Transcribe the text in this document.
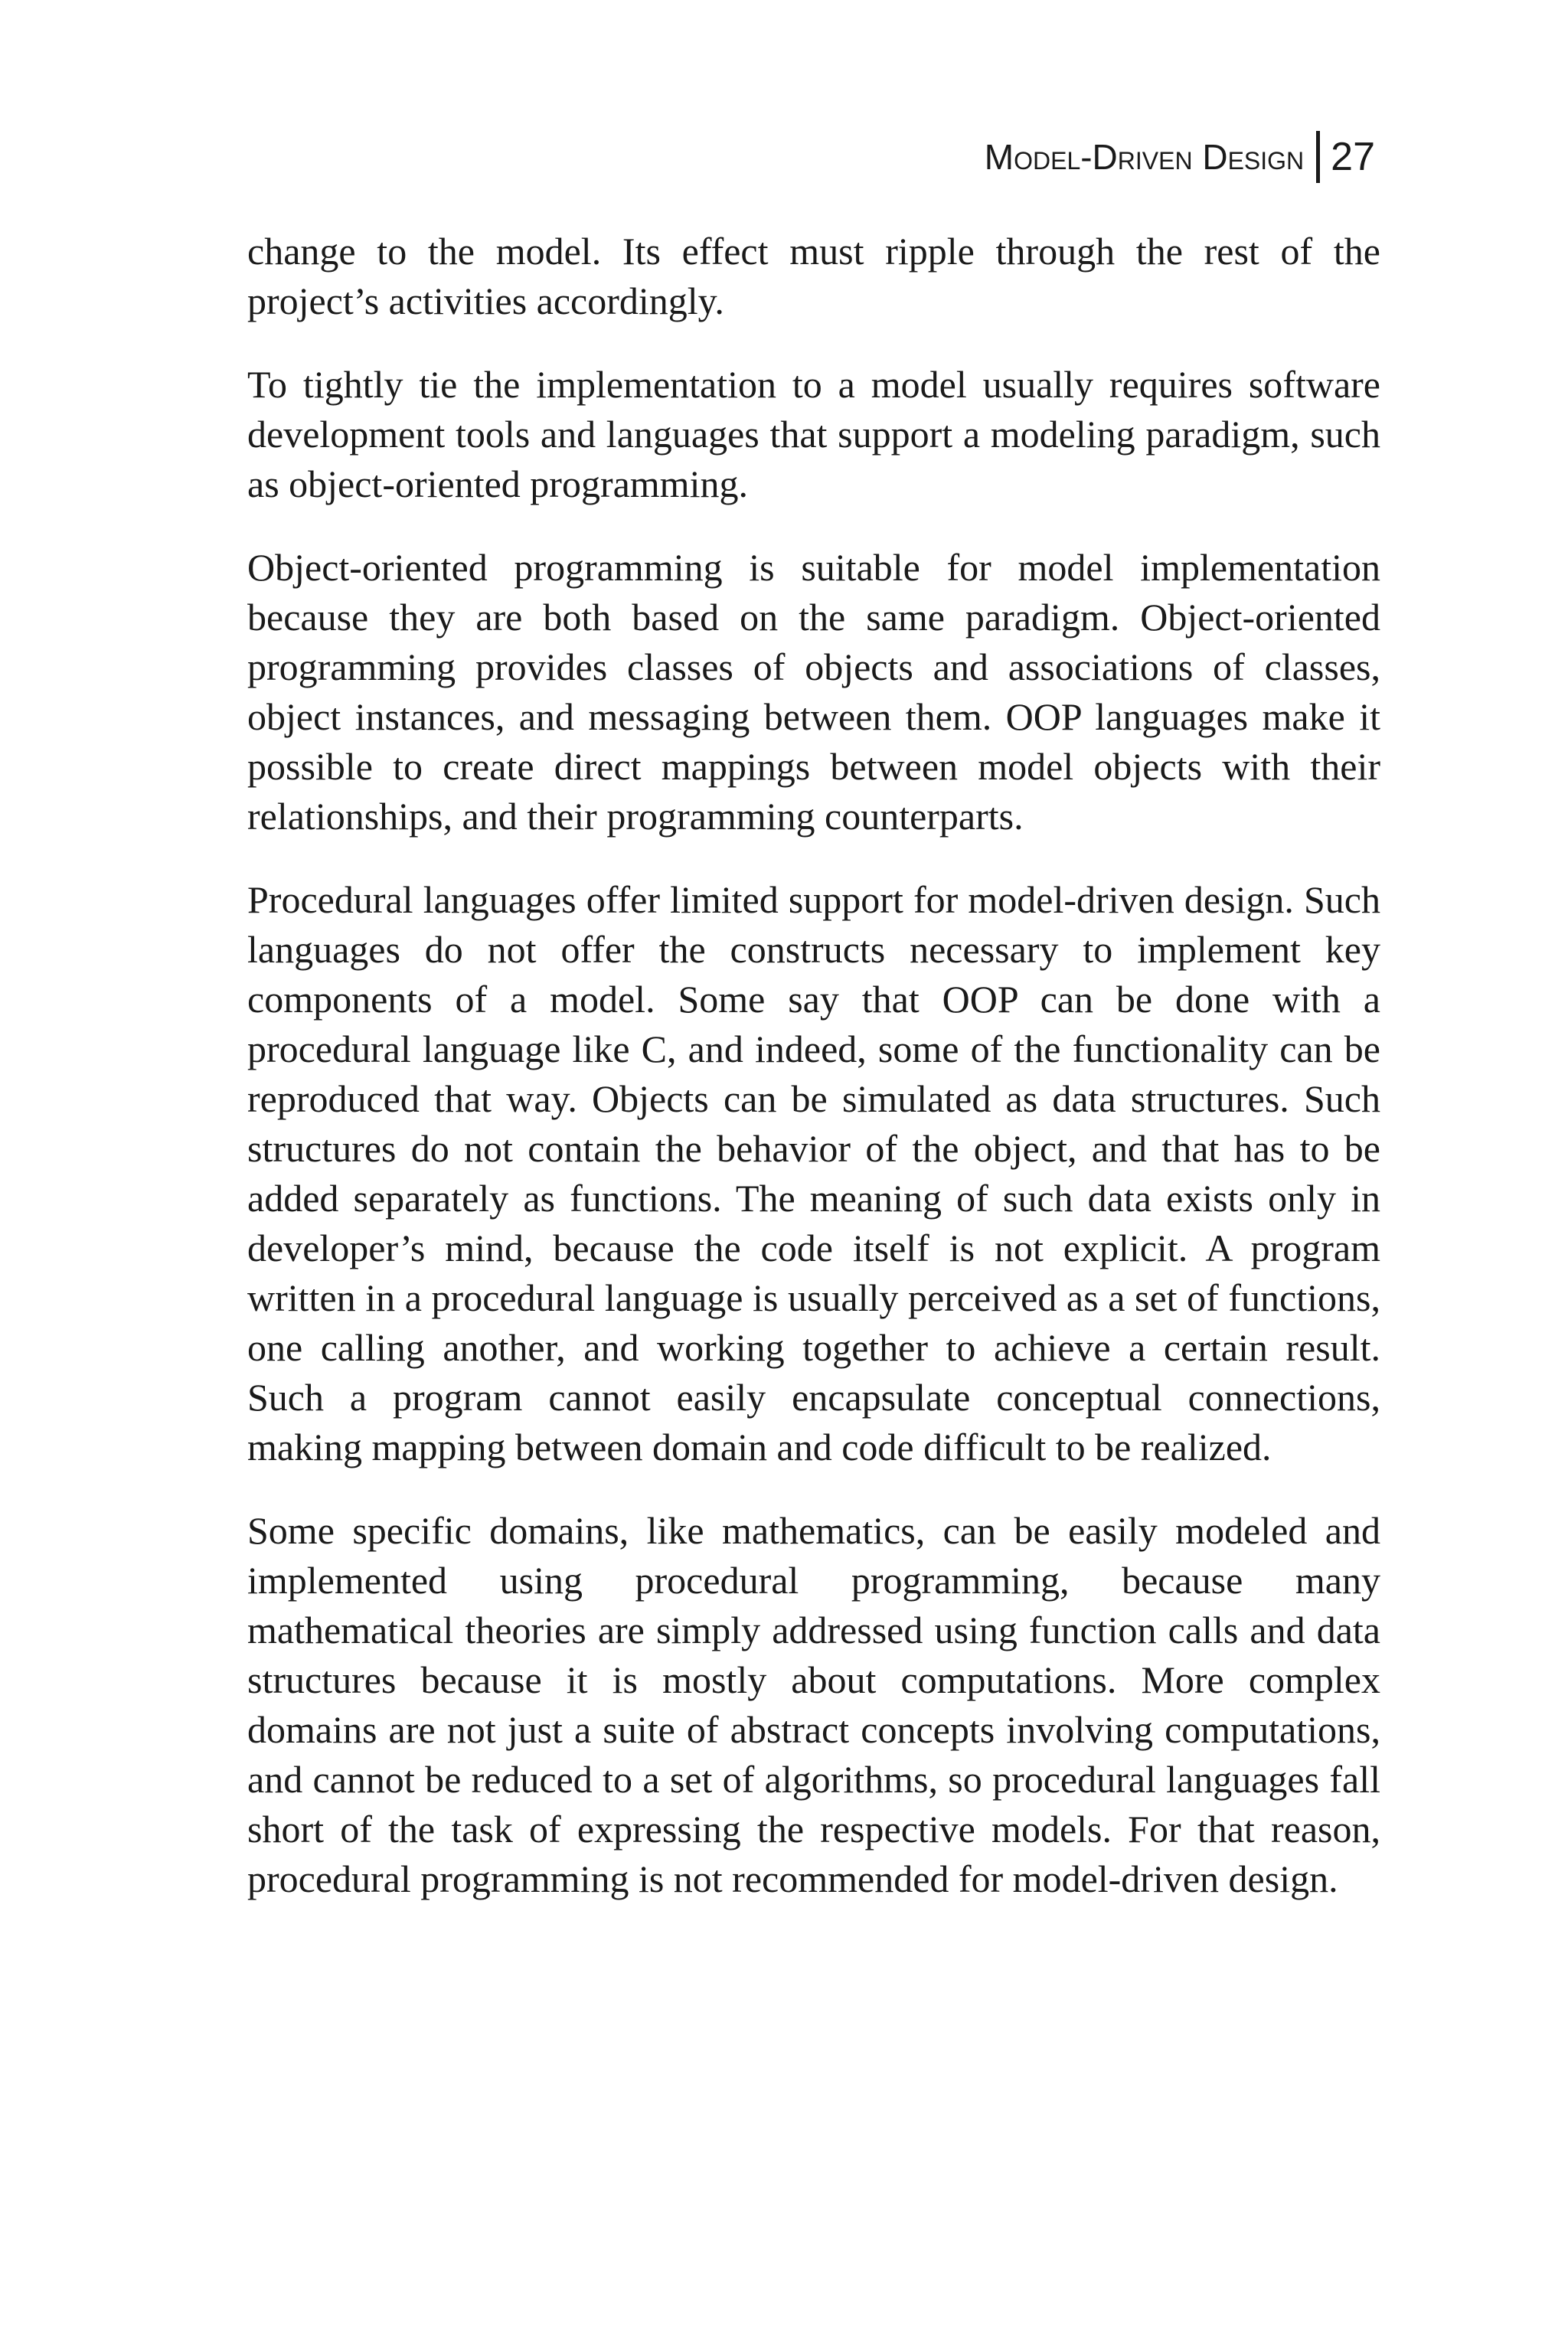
Model-Driven Design 27

change to the model. Its effect must ripple through the rest of the project’s activities accordingly.

To tightly tie the implementation to a model usually requires software development tools and languages that support a modeling paradigm, such as object-oriented programming.

Object-oriented programming is suitable for model implementation because they are both based on the same paradigm. Object-oriented programming provides classes of objects and associations of classes, object instances, and messaging between them. OOP languages make it possible to create direct mappings between model objects with their relationships, and their programming counterparts.

Procedural languages offer limited support for model-driven design. Such languages do not offer the constructs necessary to implement key components of a model. Some say that OOP can be done with a procedural language like C, and indeed, some of the functionality can be reproduced that way. Objects can be simulated as data structures. Such structures do not contain the behavior of the object, and that has to be added separately as functions. The meaning of such data exists only in developer’s mind, because the code itself is not explicit. A program written in a procedural language is usually perceived as a set of functions, one calling another, and working together to achieve a certain result. Such a program cannot easily encapsulate conceptual connections, making mapping between domain and code difficult to be realized.

Some specific domains, like mathematics, can be easily modeled and implemented using procedural programming, because many mathematical theories are simply addressed using function calls and data structures because it is mostly about computations. More complex domains are not just a suite of abstract concepts involving computations, and cannot be reduced to a set of algorithms, so procedural languages fall short of the task of expressing the respective models. For that reason, procedural programming is not recommended for model-driven design.
